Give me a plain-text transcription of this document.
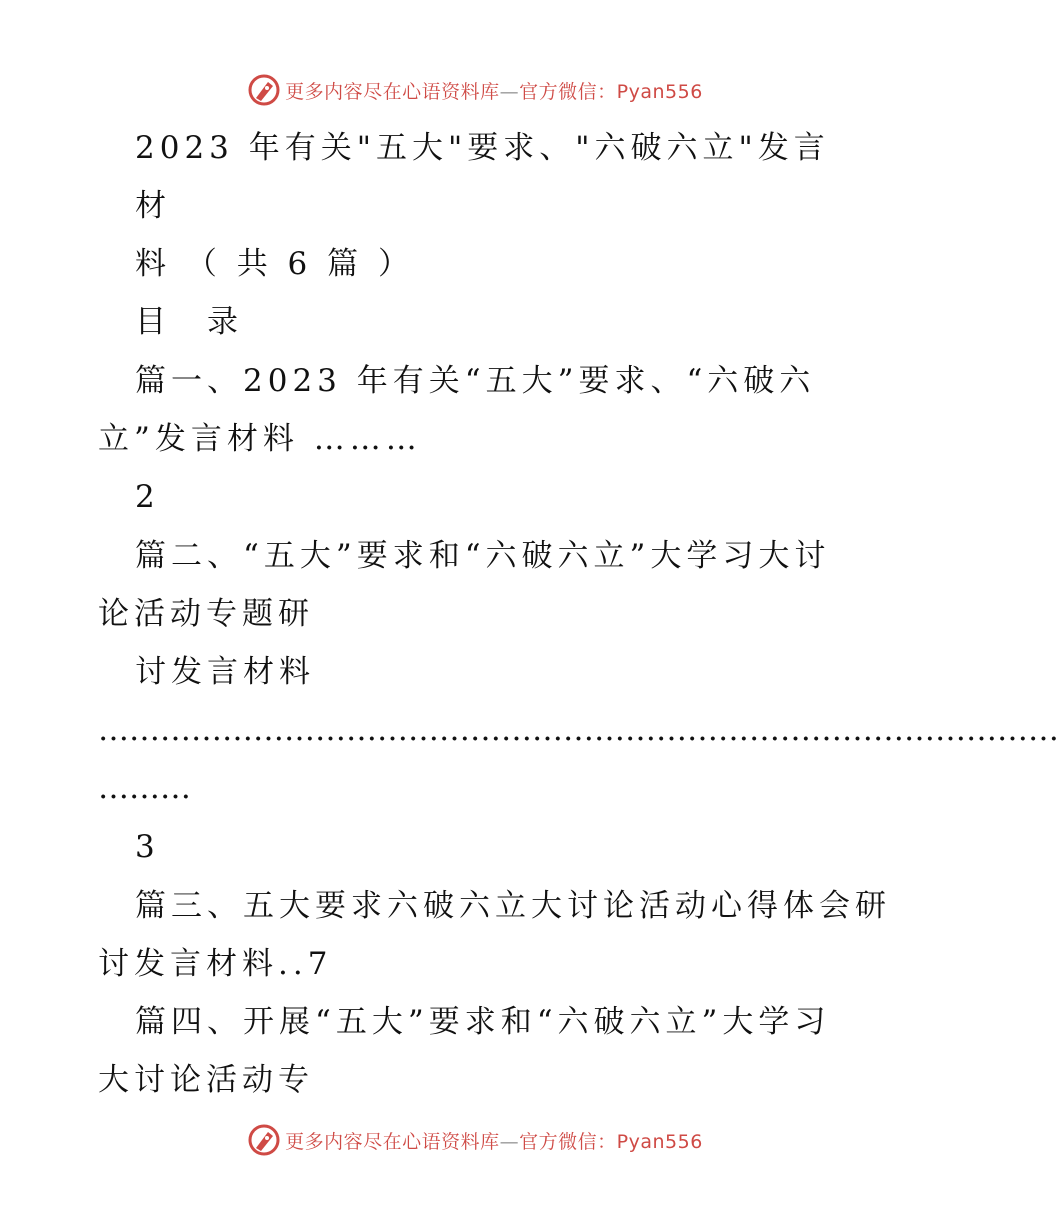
更多内容尽在心语资料库—官方微信：Pyan556
2023 年有关"五大"要求、"六破六立"发言
材
料 （ 共 6 篇 ）
目　录
篇一、2023 年有关“五大”要求、“六破六
立”发言材料 ………
2
篇二、“五大”要求和“六破六立”大学习大讨
论活动专题研
讨发言材料
…………………………………………………………………………………
………
3
篇三、五大要求六破六立大讨论活动心得体会研
讨发言材料..7
篇四、开展“五大”要求和“六破六立”大学习
大讨论活动专
更多内容尽在心语资料库—官方微信：Pyan556
